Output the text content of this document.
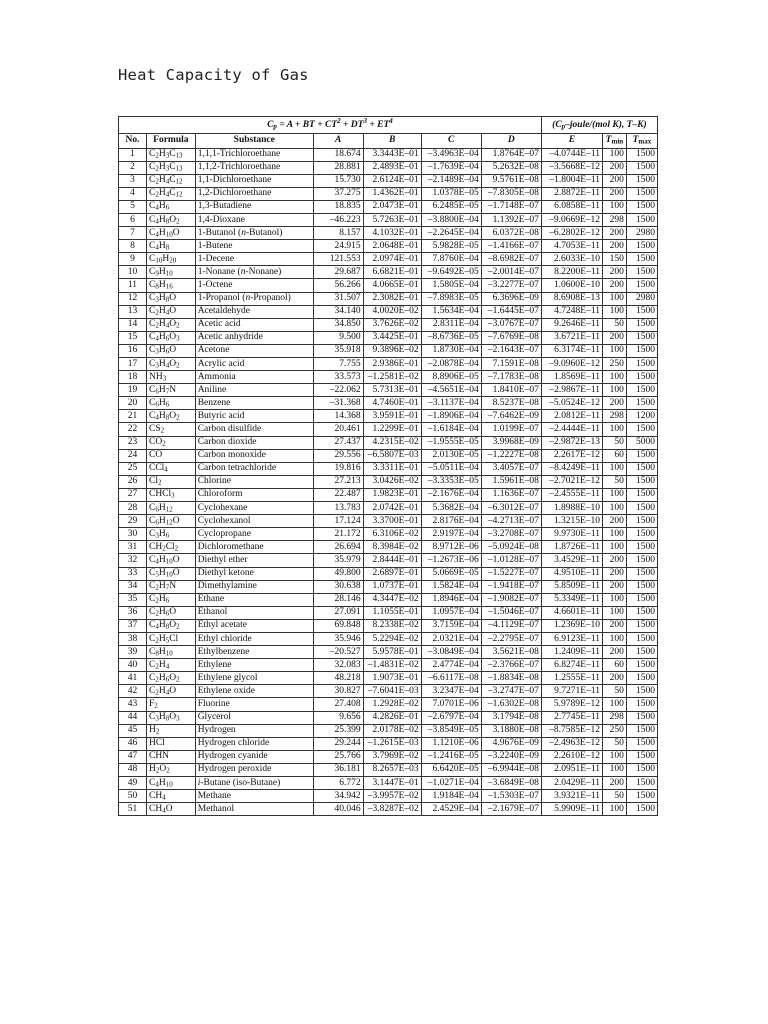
Heat Capacity of Gas
$C_p = A$ + BT + $CT^2 + DT^3 + ET^4$							($C_p-joule/(mol$ K), T–K)		
No.	Formula	Substance	A	B	C	D	E	$T_{min}$	$T_{max}$
1	$C_2H_3C_{13}$	1,1,1-Trichloroethane	18.674	3.3443E–01	–3.4963E–04	1.8764E–07	–4.0744E–11	100	1500
2	$C_2H_3C_{13}$	1,1,2-Trichloroethane	28.881	2.4893E–01	–1.7639E–04	5.2632E–08	–3.5668E–12	200	1500
3	$C_2H_4C_{12}$	1,1-Dichloroethane	15.730	2.6124E–01	–2.1489E–04	9.5761E–08	–1.8004E–11	200	1500
4	$C_2H_4C_{12}$	1,2-Dichloroethane	37.275	1.4362E–01	1.0378E–05	–7.8305E–08	2.8872E–11	200	1500
5	$C_4H_6$	1,3-Butadiene	18.835	2.0473E–01	6.2485E–05	–1.7148E–07	6.0858E–11	100	1500
6	$C_4H_8O_2$	1,4-Dioxane	–46.223	5.7263E–01	–3.8800E–04	1.1392E–07	–9.0669E–12	298	1500
7	$C_4H_{10}O$	1-Butanol (n-Butanol)	8.157	4.1032E–01	–2.2645E–04	6.0372E–08	–6.2802E–12	200	2980
8	$C_4H_8$	1-Butene	24.915	2.0648E–01	5.9828E–05	–1.4166E–07	4.7053E–11	200	1500
9	$C_{10}H_{20}$	1-Decene	121.553	2.0974E–01	7.8760E–04	–8.6982E–07	2.6033E–10	150	1500
10	$C_9H_{10}$	1-Nonane (n-Nonane)	29.687	6.6821E–01	–9.6492E–05	–2.0014E–07	8.2200E–11	200	1500
11	$C_8H_{16}$	1-Octene	56.266	4.0665E–01	1.5805E–04	–3.2277E–07	1.0600E–10	200	1500
12	$C_3H_8O$	1-Propanol (n-Propanol)	31.507	2.3082E–01	–7.8983E–05	6.3696E–09	8.6908E–13	100	2980
13	$C_2H_4O$	Acetaldehyde	34.140	4.0020E–02	1.5634E–04	–1.6445E–07	4.7248E–11	100	1500
14	$C_2H_4O_2$	Acetic acid	34.850	3.7626E–02	2.8311E–04	–3.0767E–07	9.2646E–11	50	1500
15	$C_4H_6O_3$	Acetic anhydride	9.500	3.4425E–01	–8.6736E–05	–7.6769E–08	3.6721E–11	200	1500
16	$C_3H_6O$	Acetone	35.918	9.3896E–02	1.8730E–04	–2.1643E–07	6.3174E–11	100	1500
17	$C_3H_4O_2$	Acrylic acid	7.755	2.9386E–01	–2.0878E–04	7.1591E–08	–9.0960E–12	250	1500
18	$NH_3$	Ammonia	33.573	–1.2581E–02	8.8906E–05	–7.1783E–08	1.8569E–11	100	1500
19	$C_6H_7N$	Aniline	–22.062	5.7313E–01	–4.5651E–04	1.8410E–07	–2.9867E–11	100	1500
20	$C_6H_6$	Benzene	–31.368	4.7460E–01	–3.1137E–04	8.5237E–08	–5.0524E–12	200	1500
21	$C_4H_8O_2$	Butyric acid	14.368	3.9591E–01	–1.8906E–04	–7.6462E–09	2.0812E–11	298	1200
22	$CS_2$	Carbon disulfide	20.461	1.2299E–01	–1.6184E–04	1.0199E–07	–2.4444E–11	100	1500
23	$CO_2$	Carbon dioxide	27.437	4.2315E–02	–1.9555E–05	3.9968E–09	–2.9872E–13	50	5000
24	CO	Carbon monoxide	29.556	–6.5807E–03	2.0130E–05	–1.2227E–08	2.2617E–12	60	1500
25	CCl$_4$	Carbon tetrachloride	19.816	3.3311E–01	–5.0511E–04	3.4057E–07	–8.4249E–11	100	1500
26	$Cl_2$	Chlorine	27.213	3.0426E–02	–3.3353E–05	1.5961E–08	–2.7021E–12	50	1500
27	CHCl$_3$	Chloroform	22.487	1.9823E–01	–2.1676E–04	1.1636E–07	–2.4555E–11	100	1500
28	$C_6H_{12}$	Cyclohexane	13.783	2.0742E–01	5.3682E–04	–6.3012E–07	1.8988E–10	100	1500
29	$C_6H_{12}O$	Cyclohexanol	17.124	3.3700E–01	2.8176E–04	–4.2713E–07	1.3215E–10	200	1500
30	$C_3H_6$	Cyclopropane	21.172	6.3106E–02	2.9197E–04	–3.2708E–07	9.9730E–11	100	1500
31	$CH_2Cl_2$	Dichloromethane	26.694	8.3984E–02	8.9712E–06	–5.0924E–08	1.8726E–11	100	1500
32	$C_4H_{10}O$	Diethyl ether	35.979	2.8444E–01	–1.2673E–06	–1.0128E–07	3.4529E–11	200	1500
33	$C_5H_{10}O$	Diethyl ketone	49.800	2.6897E–01	5.0669E–05	–1.5227E–07	4.9510E–11	200	1500
34	$C_2H_7N$	Dimethylamine	30.638	1.0737E–01	1.5824E–04	–1.9418E–07	5.8509E–11	200	1500
35	$C_2H_6$	Ethane	28.146	4.3447E–02	1.8946E–04	–1.9082E–07	5.3349E–11	100	1500
36	$C_2H_6O$	Ethanol	27.091	1.1055E–01	1.0957E–04	–1.5046E–07	4.6601E–11	100	1500
37	$C_4H_8O_2$	Ethyl acetate	69.848	8.2338E–02	3.7159E–04	–4.1129E–07	1.2369E–10	200	1500
38	$C_2H_5Cl$	Ethyl chloride	35.946	5.2294E–02	2.0321E–04	–2.2795E–07	6.9123E–11	100	1500
39	$C_8H_{10}$	Ethylbenzene	–20.527	5.9578E–01	–3.0849E–04	3.5621E–08	1.2409E–11	200	1500
40	$C_2H_4$	Ethylene	32.083	–1.4831E–02	2.4774E–04	–2.3766E–07	6.8274E–11	60	1500
41	$C_2H_6O_2$	Ethylene glycol	48.218	1.9073E–01	–6.6117E–08	–1.8834E–08	1.2555E–11	200	1500
42	$C_2H_4O$	Ethylene oxide	30.827	–7.6041E–03	3.2347E–04	–3.2747E–07	9.7271E–11	50	1500
43	$F_2$	Fluorine	27.408	1.2928E–02	7.0701E–06	–1.6302E–08	5.9789E–12	100	1500
44	$C_3H_8O_3$	Glycerol	9.656	4.2826E–01	–2.6797E–04	3.1794E–08	2.7745E–11	298	1500
45	$H_2$	Hydrogen	25.399	2.0178E–02	–3.8549E–05	3.1880E–08	–8.7585E–12	250	1500
46	HCl	Hydrogen chloride	29.244	–1.2615E–03	1.1210E–06	4.9676E–09	–2.4963E–12	50	1500
47	CHN	Hydrogen cyanide	25.766	3.7969E–02	–1.2416E–05	–3.2240E–09	2.2610E–12	100	1500
48	$H_2O_2$	Hydrogen peroxide	36.181	8.2657E–03	6.6420E–05	–6.9944E–08	2.0951E–11	100	1500
49	$C_4H_{10}$	i-Butane (iso-Butane)	6.772	3.1447E–01	–1.0271E–04	–3.6849E–08	2.0429E–11	200	1500
50	$CH_4$	Methane	34.942	–3.9957E–02	1.9184E–04	–1.5303E–07	3.9321E–11	50	1500
51	$CH_4O$	Methanol	40.046	–3.8287E–02	2.4529E–04	–2.1679E–07	5.9909E–11	100	1500
